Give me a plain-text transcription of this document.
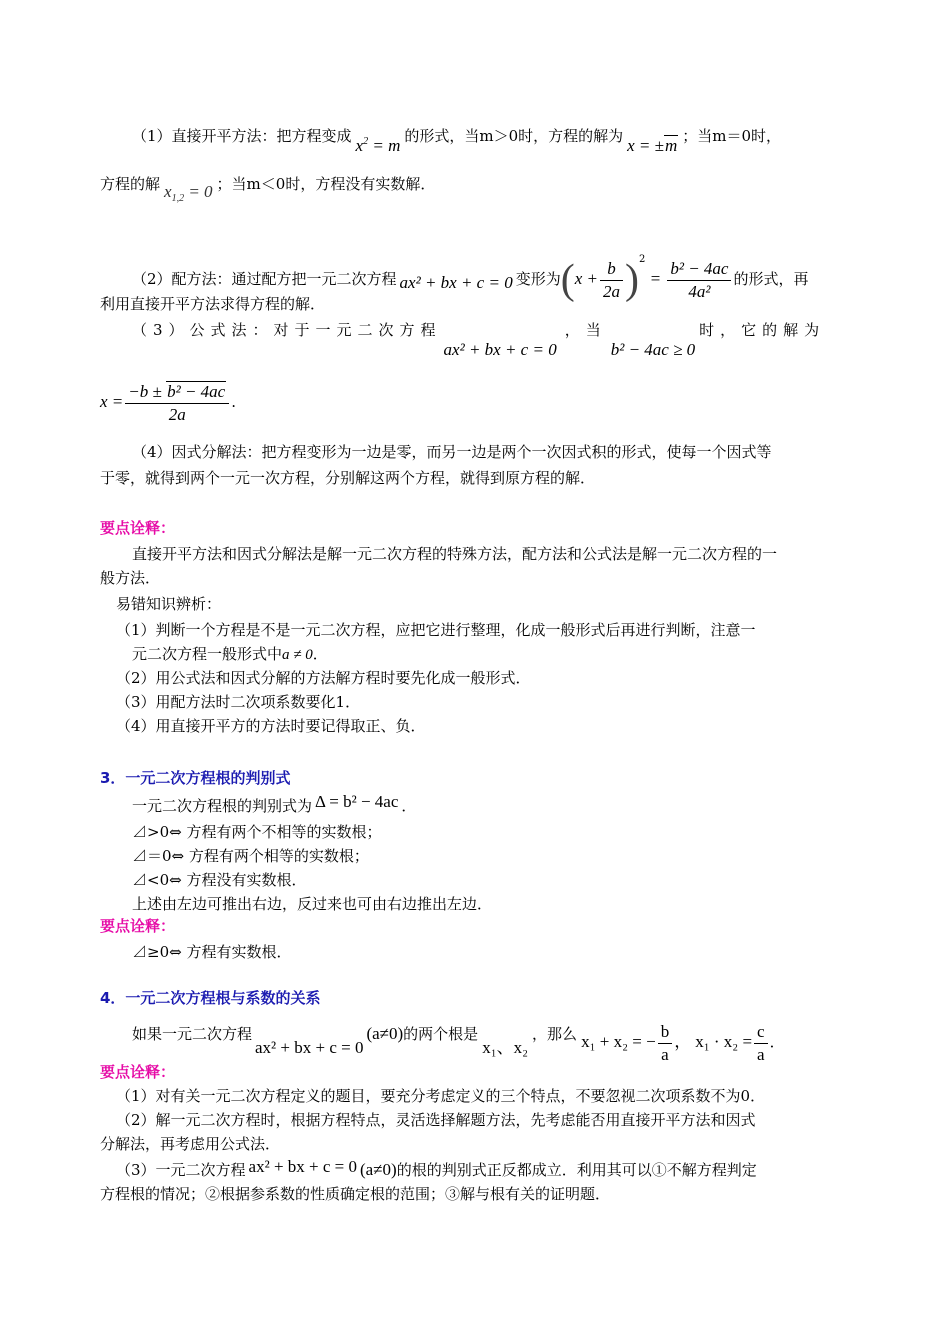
（1）直接开平方法：把方程变成 $x^2 = m$ 的形式，当m＞0时，方程的解为 x = ±m ；当m＝0时，
方程的解 $x_{1,2} = 0$ ；当m＜0时，方程没有实数解．
（2）配方法：通过配方把一元二次方程 ax² + bx + c = 0 变形为$(x + \frac{b}{2a} )^2 = \frac{\text{b² − 4ac}}{\text{4a²}}$ 的形式，再
利用直接开平方法求得方程的解．
（3）公式法：对于一元二次方程ax² + bx + c = 0，当b² − 4ac ≥ 0时，它的解为
$x = \frac{\text{−b ± b² − 4ac}}{2a}$ .
（4）因式分解法：把方程变形为一边是零，而另一边是两个一次因式积的形式，使每一个因式等
于零，就得到两个一元一次方程，分别解这两个方程，就得到原方程的解．
要点诠释：
直接开平方法和因式分解法是解一元二次方程的特殊方法，配方法和公式法是解一元二次方程的一
般方法．
易错知识辨析：
（1）判断一个方程是不是一元二次方程，应把它进行整理，化成一般形式后再进行判断，注意一
元二次方程一般形式中a ≠ 0．
（2）用公式法和因式分解的方法解方程时要先化成一般形式．
（3）用配方法时二次项系数要化1．
（4）用直接开平方的方法时要记得取正、负．
3．一元二次方程根的判别式
一元二次方程根的判别式为 Δ = b² − 4ac ．
⊿>0⇔ 方程有两个不相等的实数根；
⊿＝0⇔ 方程有两个相等的实数根；
⊿<0⇔ 方程没有实数根．
上述由左边可推出右边，反过来也可由右边推出左边．
要点诠释：
⊿≥0⇔ 方程有实数根．
4．一元二次方程根与系数的关系
如果一元二次方程ax² + bx + c = 0(a≠0)的两个根是x₁、x₂，那么 x₁ + x₂ = − $\frac{b}{a}$ ， $x_1 \cdot x_2 = \frac{c}{a}$ ．
要点诠释：
（1）对有关一元二次方程定义的题目，要充分考虑定义的三个特点，不要忽视二次项系数不为0．
（2）解一元二次方程时，根据方程特点，灵活选择解题方法，先考虑能否用直接开平方法和因式
分解法，再考虑用公式法．
（3）一元二次方程 ax² + bx + c = 0 (a≠0)的根的判别式正反都成立．利用其可以①不解方程判定
方程根的情况；②根据参系数的性质确定根的范围；③解与根有关的证明题．
